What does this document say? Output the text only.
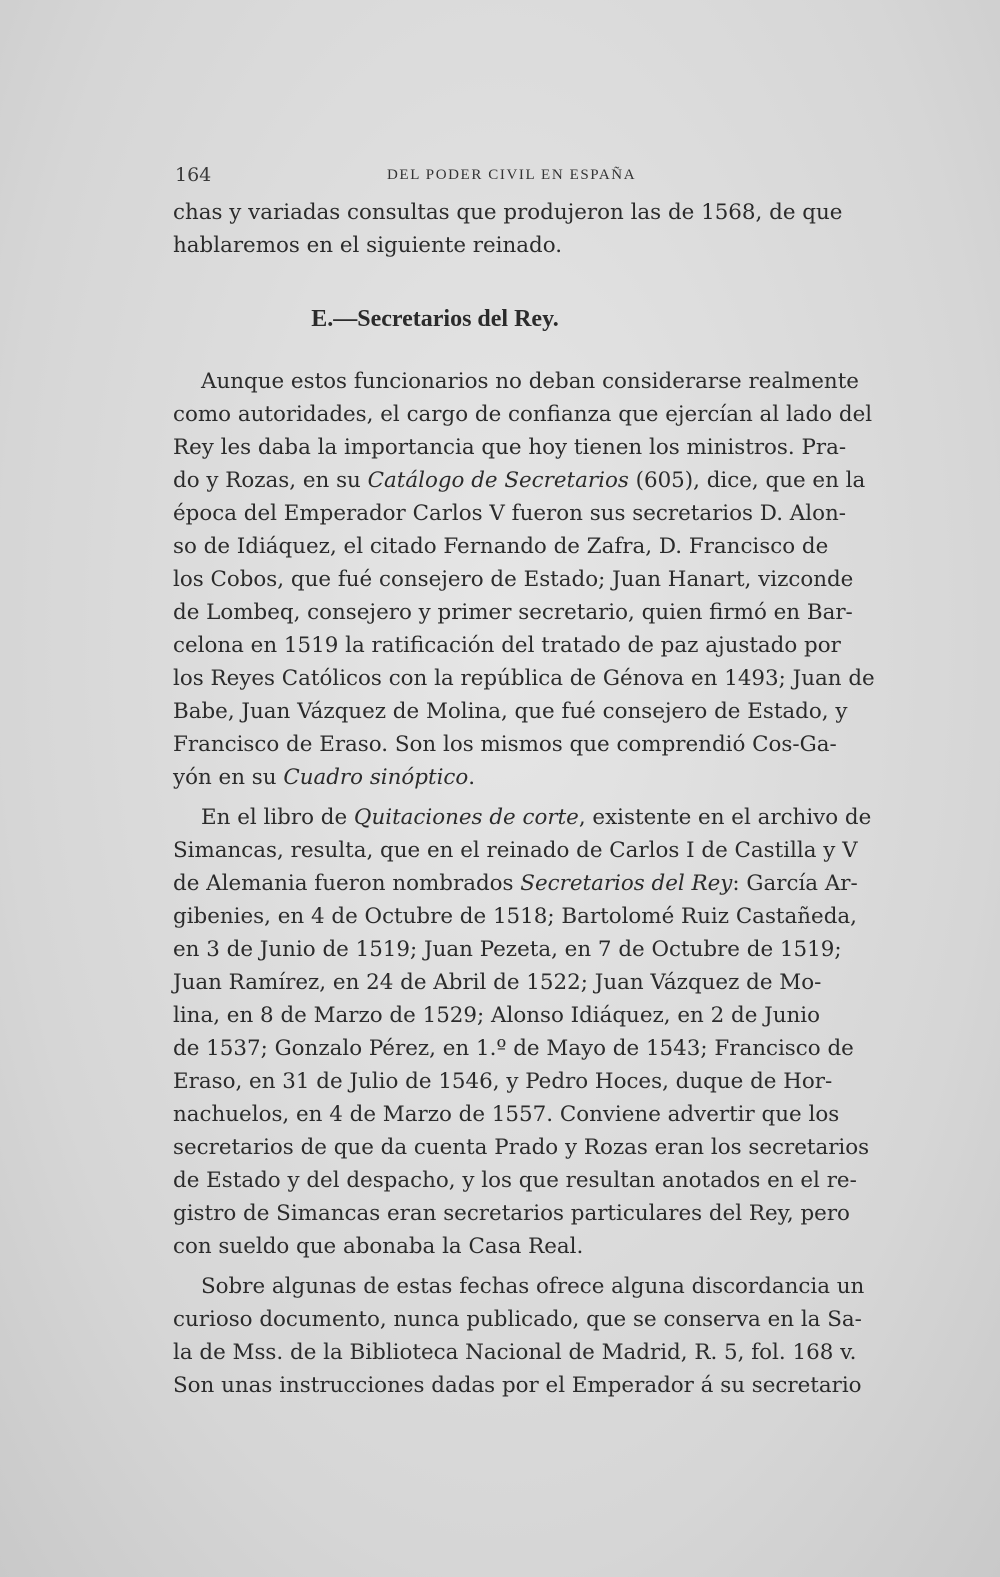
164	DEL PODER CIVIL EN ESPAÑA
chas y variadas consultas que produjeron las de 1568, de que
hablaremos en el siguiente reinado.
E.—Secretarios del Rey.
Aunque estos funcionarios no deban considerarse realmente
como autoridades, el cargo de confianza que ejercían al lado del
Rey les daba la importancia que hoy tienen los ministros. Pra-
do y Rozas, en su Catálogo de Secretarios (605), dice, que en la
época del Emperador Carlos V fueron sus secretarios D. Alon-
so de Idiáquez, el citado Fernando de Zafra, D. Francisco de
los Cobos, que fué consejero de Estado; Juan Hanart, vizconde
de Lombeq, consejero y primer secretario, quien firmó en Bar-
celona en 1519 la ratificación del tratado de paz ajustado por
los Reyes Católicos con la república de Génova en 1493; Juan de
Babe, Juan Vázquez de Molina, que fué consejero de Estado, y
Francisco de Eraso. Son los mismos que comprendió Cos-Ga-
yón en su Cuadro sinóptico.
En el libro de Quitaciones de corte, existente en el archivo de
Simancas, resulta, que en el reinado de Carlos I de Castilla y V
de Alemania fueron nombrados Secretarios del Rey: García Ar-
gibenies, en 4 de Octubre de 1518; Bartolomé Ruiz Castañeda,
en 3 de Junio de 1519; Juan Pezeta, en 7 de Octubre de 1519;
Juan Ramírez, en 24 de Abril de 1522; Juan Vázquez de Mo-
lina, en 8 de Marzo de 1529; Alonso Idiáquez, en 2 de Junio
de 1537; Gonzalo Pérez, en 1.º de Mayo de 1543; Francisco de
Eraso, en 31 de Julio de 1546, y Pedro Hoces, duque de Hor-
nachuelos, en 4 de Marzo de 1557. Conviene advertir que los
secretarios de que da cuenta Prado y Rozas eran los secretarios
de Estado y del despacho, y los que resultan anotados en el re-
gistro de Simancas eran secretarios particulares del Rey, pero
con sueldo que abonaba la Casa Real.
Sobre algunas de estas fechas ofrece alguna discordancia un
curioso documento, nunca publicado, que se conserva en la Sa-
la de Mss. de la Biblioteca Nacional de Madrid, R. 5, fol. 168 v.
Son unas instrucciones dadas por el Emperador á su secretario
